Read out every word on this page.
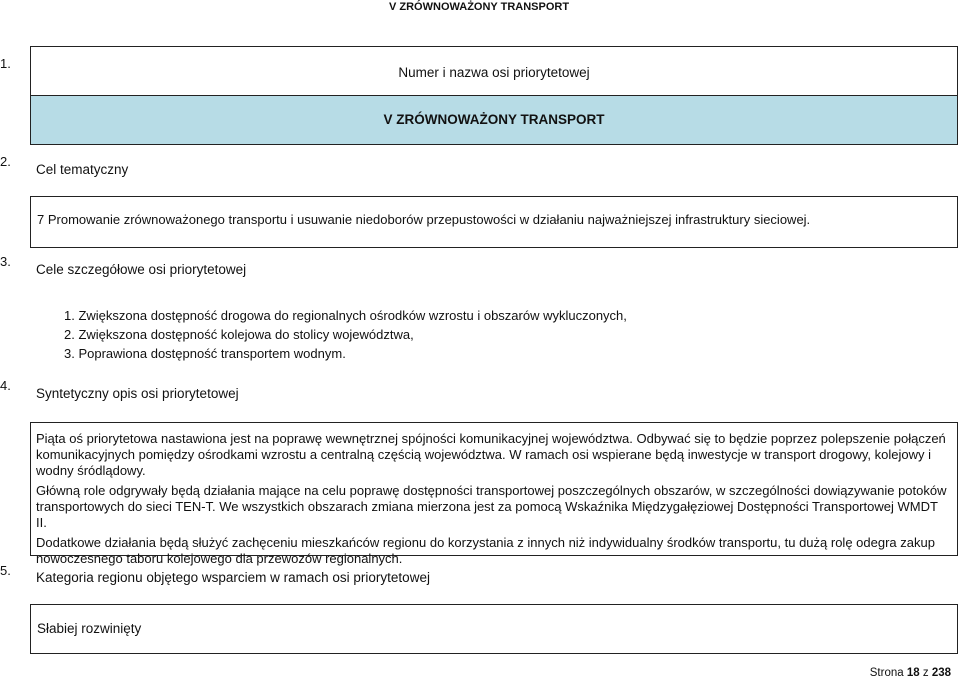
V ZRÓWNOWAŻONY TRANSPORT
1.
Numer i nazwa osi priorytetowej
V ZRÓWNOWAŻONY TRANSPORT
2.
Cel tematyczny
7 Promowanie zrównoważonego transportu i usuwanie niedoborów przepustowości w działaniu najważniejszej infrastruktury sieciowej.
3.
Cele szczegółowe osi priorytetowej
1. Zwiększona dostępność drogowa do regionalnych ośrodków wzrostu i obszarów wykluczonych,
2. Zwiększona dostępność kolejowa do stolicy województwa,
3. Poprawiona dostępność transportem wodnym.
4.
Syntetyczny opis osi priorytetowej

Piąta oś priorytetowa nastawiona jest na poprawę wewnętrznej spójności komunikacyjnej województwa. Odbywać się to będzie poprzez polepszenie połączeń komunikacyjnych pomiędzy ośrodkami wzrostu a centralną częścią województwa. W ramach osi wspierane będą inwestycje w transport drogowy, kolejowy i wodny śródlądowy.

Główną role odgrywały będą działania mające na celu poprawę dostępności transportowej poszczególnych obszarów, w szczególności dowiązywanie potoków transportowych do sieci TEN-T. We wszystkich obszarach zmiana mierzona jest za pomocą Wskaźnika Międzygałęziowej Dostępności Transportowej WMDT II.

Dodatkowe działania będą służyć zachęceniu mieszkańców regionu do korzystania z innych niż indywidualny środków transportu, tu dużą rolę odegra zakup nowoczesnego taboru kolejowego dla przewozów regionalnych.

5. Kategoria regionu objętego wsparciem w ramach osi priorytetowej
Słabiej rozwinięty
Strona 18 z 238
